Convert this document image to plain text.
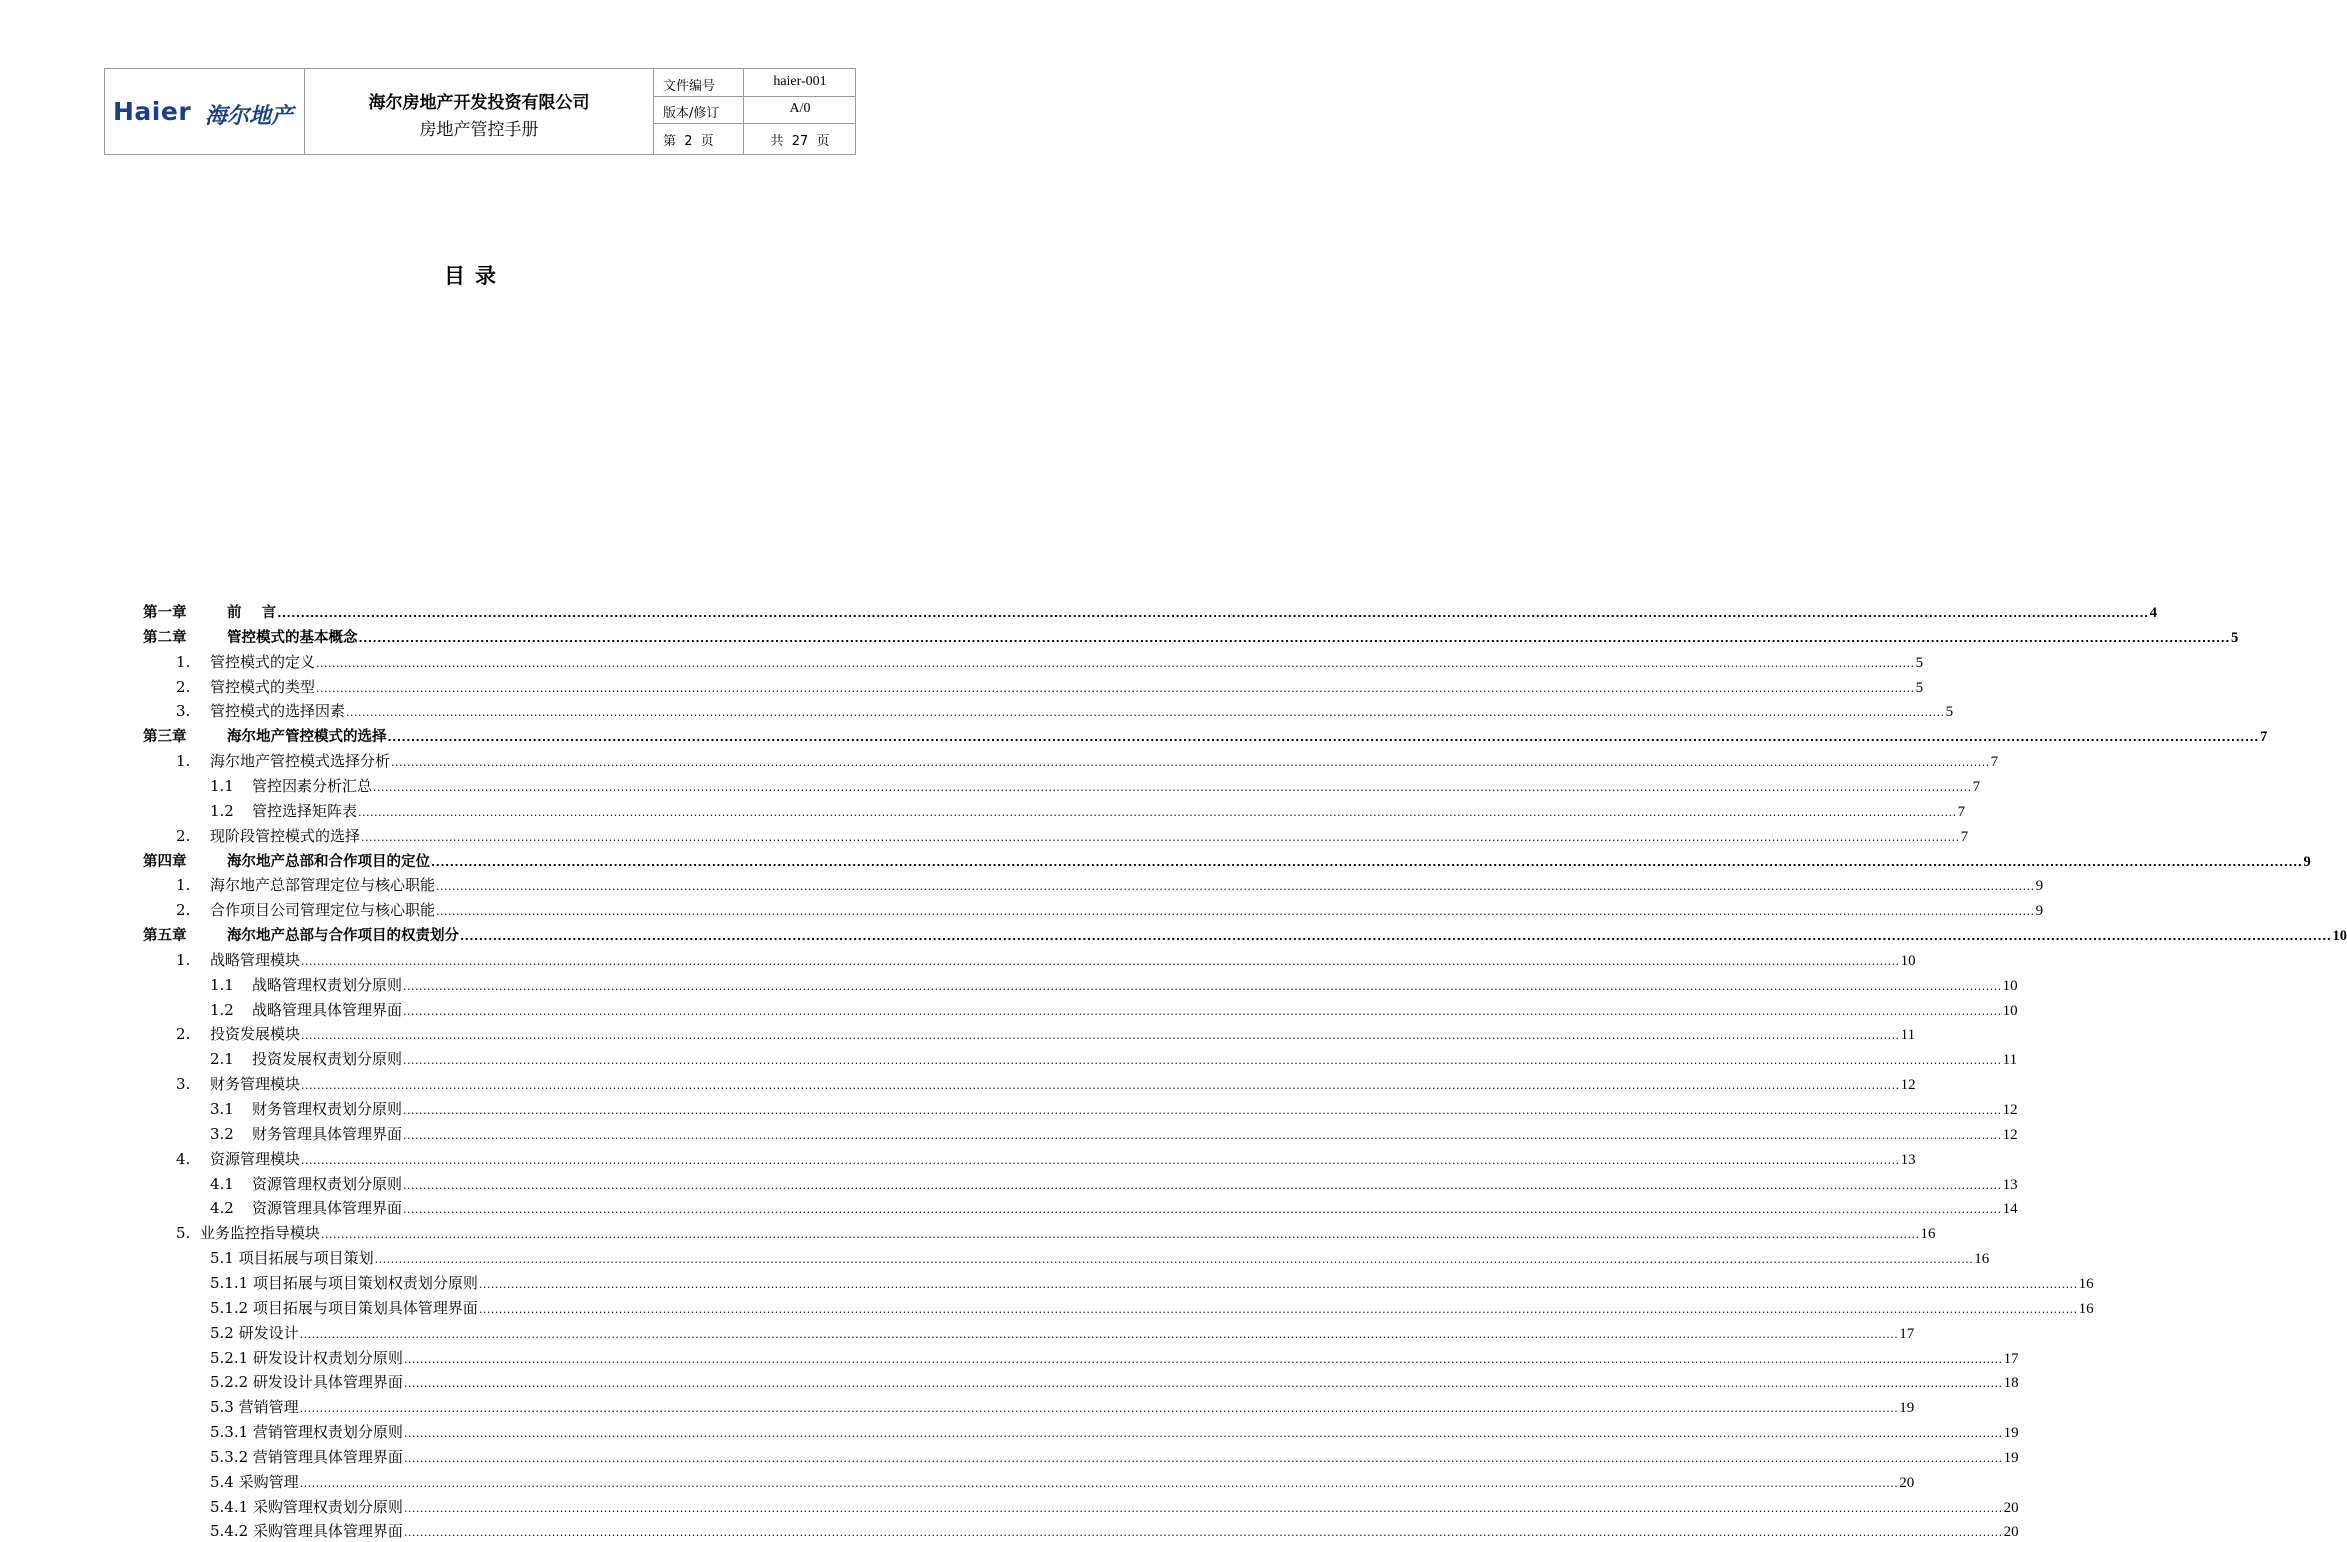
Haier 海尔地产
海尔房地产开发投资有限公司
房地产管控手册
文件编号	haier-001
版本/修订	A/0
第  2  页	共  27  页
目录
第一章	前    言 ................................................................................................................................................................................................................................................................................................................................................................................................................ 4
第二章	管控模式的基本概念 ................................................................................................................................................................................................................................................................................................................................................................................................................ 5
1. 管控模式的定义 ................................................................................................................................................................................................................................................................................................................................................................................................................ 5
2. 管控模式的类型 ................................................................................................................................................................................................................................................................................................................................................................................................................ 5
3. 管控模式的选择因素 ................................................................................................................................................................................................................................................................................................................................................................................................................ 5
第三章	海尔地产管控模式的选择 ................................................................................................................................................................................................................................................................................................................................................................................................................ 7
1. 海尔地产管控模式选择分析 ................................................................................................................................................................................................................................................................................................................................................................................................................ 7
1.1 管控因素分析汇总 ................................................................................................................................................................................................................................................................................................................................................................................................................ 7
1.2 管控选择矩阵表 ................................................................................................................................................................................................................................................................................................................................................................................................................ 7
2. 现阶段管控模式的选择 ................................................................................................................................................................................................................................................................................................................................................................................................................ 7
第四章	海尔地产总部和合作项目的定位 ................................................................................................................................................................................................................................................................................................................................................................................................................ 9
1. 海尔地产总部管理定位与核心职能 ................................................................................................................................................................................................................................................................................................................................................................................................................ 9
2. 合作项目公司管理定位与核心职能 ................................................................................................................................................................................................................................................................................................................................................................................................................ 9
第五章	海尔地产总部与合作项目的权责划分 ................................................................................................................................................................................................................................................................................................................................................................................................................ 10
1. 战略管理模块 ................................................................................................................................................................................................................................................................................................................................................................................................................ 10
1.1 战略管理权责划分原则 ................................................................................................................................................................................................................................................................................................................................................................................................................ 10
1.2 战略管理具体管理界面 ................................................................................................................................................................................................................................................................................................................................................................................................................ 10
2. 投资发展模块 ................................................................................................................................................................................................................................................................................................................................................................................................................ 11
2.1 投资发展权责划分原则 ................................................................................................................................................................................................................................................................................................................................................................................................................ 11
3. 财务管理模块 ................................................................................................................................................................................................................................................................................................................................................................................................................ 12
3.1 财务管理权责划分原则 ................................................................................................................................................................................................................................................................................................................................................................................................................ 12
3.2 财务管理具体管理界面 ................................................................................................................................................................................................................................................................................................................................................................................................................ 12
4. 资源管理模块 ................................................................................................................................................................................................................................................................................................................................................................................................................ 13
4.1 资源管理权责划分原则 ................................................................................................................................................................................................................................................................................................................................................................................................................ 13
4.2 资源管理具体管理界面 ................................................................................................................................................................................................................................................................................................................................................................................................................ 14
5.  业务监控指导模块 ................................................................................................................................................................................................................................................................................................................................................................................................................ 16
5.1 项目拓展与项目策划 ................................................................................................................................................................................................................................................................................................................................................................................................................ 16
5.1.1 项目拓展与项目策划权责划分原则 ................................................................................................................................................................................................................................................................................................................................................................................................................ 16
5.1.2 项目拓展与项目策划具体管理界面 ................................................................................................................................................................................................................................................................................................................................................................................................................ 16
5.2 研发设计 ................................................................................................................................................................................................................................................................................................................................................................................................................ 17
5.2.1 研发设计权责划分原则 ................................................................................................................................................................................................................................................................................................................................................................................................................ 17
5.2.2 研发设计具体管理界面 ................................................................................................................................................................................................................................................................................................................................................................................................................ 18
5.3 营销管理 ................................................................................................................................................................................................................................................................................................................................................................................................................ 19
5.3.1 营销管理权责划分原则 ................................................................................................................................................................................................................................................................................................................................................................................................................ 19
5.3.2 营销管理具体管理界面 ................................................................................................................................................................................................................................................................................................................................................................................................................ 19
5.4 采购管理 ................................................................................................................................................................................................................................................................................................................................................................................................................ 20
5.4.1 采购管理权责划分原则 ................................................................................................................................................................................................................................................................................................................................................................................................................ 20
5.4.2 采购管理具体管理界面 ................................................................................................................................................................................................................................................................................................................................................................................................................ 20
